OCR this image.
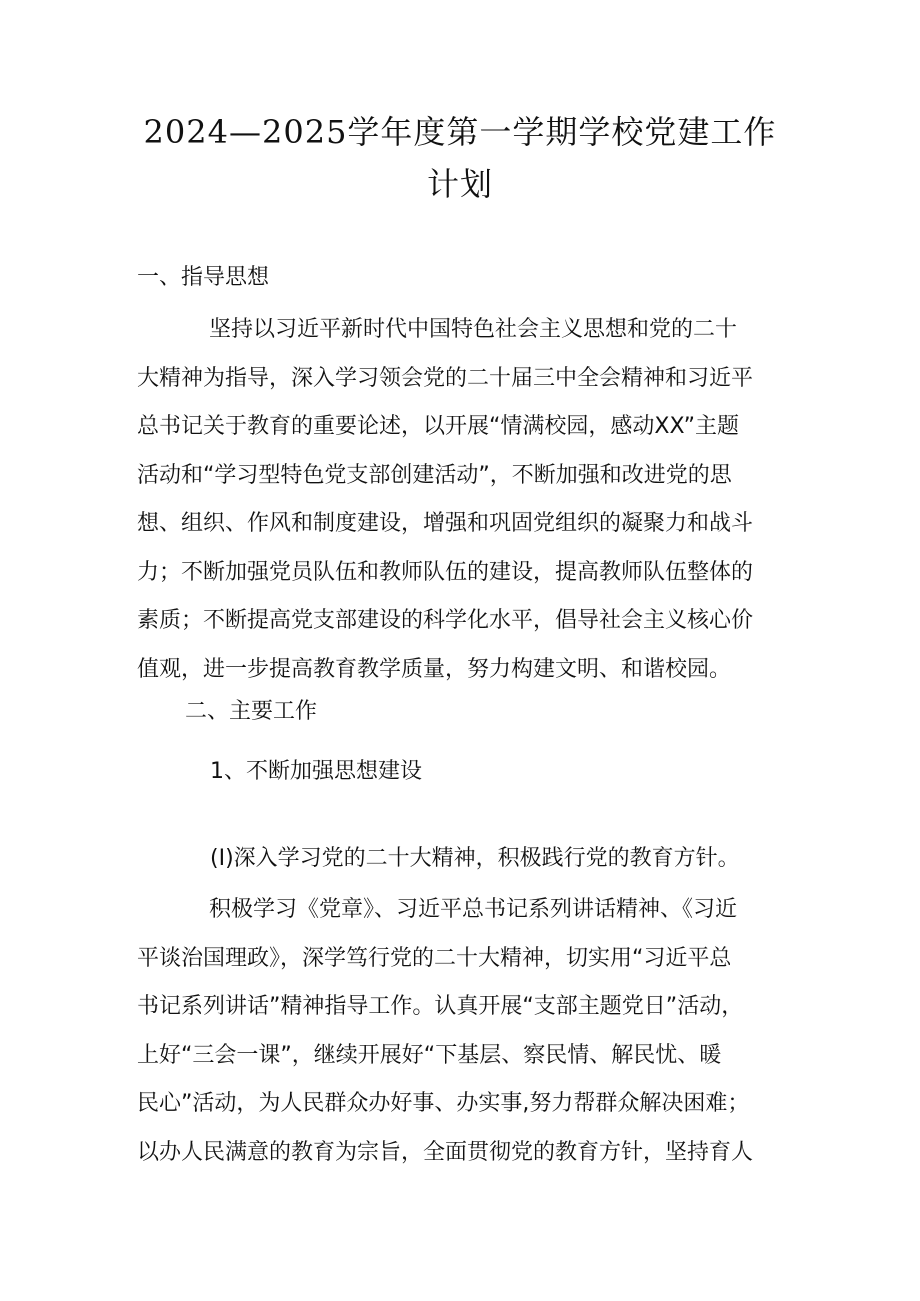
2024—2025学年度第一学期学校党建工作
计划
一、指导思想
坚持以习近平新时代中国特色社会主义思想和党的二十
大精神为指导，深入学习领会党的二十届三中全会精神和习近平
总书记关于教育的重要论述，以开展“情满校园，感动XX”主题
活动和“学习型特色党支部创建活动”，不断加强和改进党的思
想、组织、作风和制度建设，增强和巩固党组织的凝聚力和战斗
力；不断加强党员队伍和教师队伍的建设，提高教师队伍整体的
素质；不断提高党支部建设的科学化水平，倡导社会主义核心价
值观，进一步提高教育教学质量，努力构建文明、和谐校园。
二、主要工作
1、不断加强思想建设
(I)深入学习党的二十大精神，积极践行党的教育方针。
积极学习《党章》、习近平总书记系列讲话精神、《习近
平谈治国理政》，深学笃行党的二十大精神，切实用“习近平总
书记系列讲话”精神指导工作。认真开展“支部主题党日”活动，
上好“三会一课”，继续开展好“下基层、察民情、解民忧、暖
民心”活动，为人民群众办好事、办实事,努力帮群众解决困难；
以办人民满意的教育为宗旨，全面贯彻党的教育方针，坚持育人
